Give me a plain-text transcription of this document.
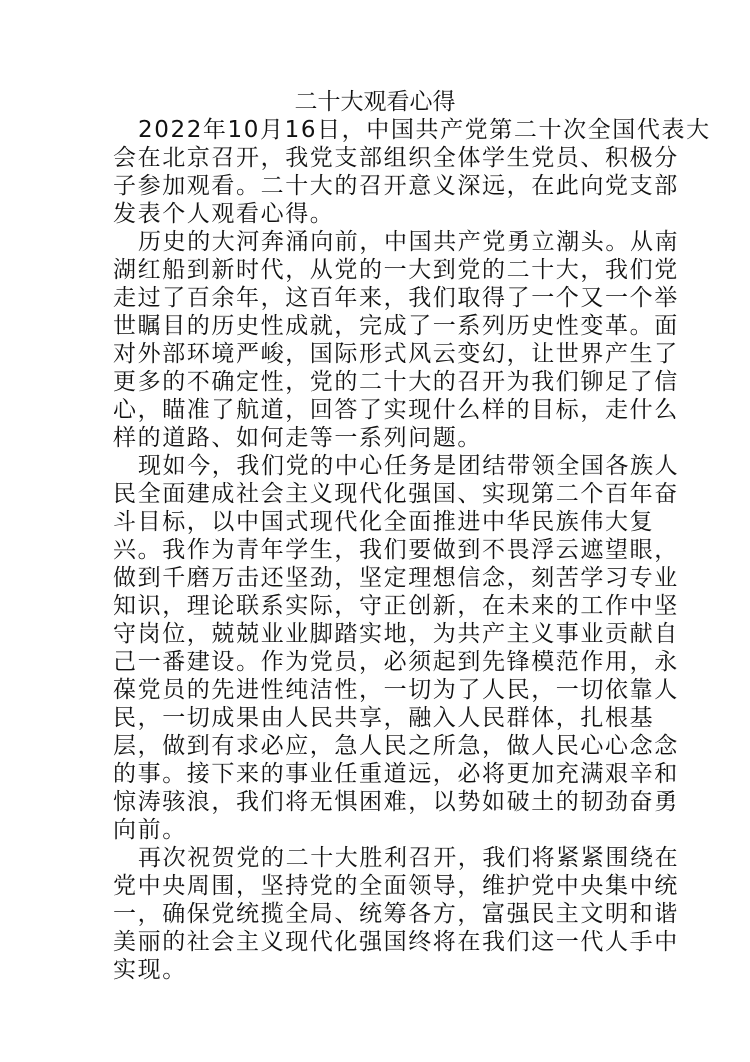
二十大观看心得
2022年10月16日，中国共产党第二十次全国代表大
会在北京召开，我党支部组织全体学生党员、积极分
子参加观看。二十大的召开意义深远，在此向党支部
发表个人观看心得。
历史的大河奔涌向前，中国共产党勇立潮头。从南
湖红船到新时代，从党的一大到党的二十大，我们党
走过了百余年，这百年来，我们取得了一个又一个举
世瞩目的历史性成就，完成了一系列历史性变革。面
对外部环境严峻，国际形式风云变幻，让世界产生了
更多的不确定性，党的二十大的召开为我们铆足了信
心，瞄准了航道，回答了实现什么样的目标，走什么
样的道路、如何走等一系列问题。
现如今，我们党的中心任务是团结带领全国各族人
民全面建成社会主义现代化强国、实现第二个百年奋
斗目标，以中国式现代化全面推进中华民族伟大复
兴。我作为青年学生，我们要做到不畏浮云遮望眼，
做到千磨万击还坚劲，坚定理想信念，刻苦学习专业
知识，理论联系实际，守正创新，在未来的工作中坚
守岗位，兢兢业业脚踏实地，为共产主义事业贡献自
己一番建设。作为党员，必须起到先锋模范作用，永
葆党员的先进性纯洁性，一切为了人民，一切依靠人
民，一切成果由人民共享，融入人民群体，扎根基
层，做到有求必应，急人民之所急，做人民心心念念
的事。接下来的事业任重道远，必将更加充满艰辛和
惊涛骇浪，我们将无惧困难，以势如破土的韧劲奋勇
向前。
再次祝贺党的二十大胜利召开，我们将紧紧围绕在
党中央周围，坚持党的全面领导，维护党中央集中统
一，确保党统揽全局、统筹各方，富强民主文明和谐
美丽的社会主义现代化强国终将在我们这一代人手中
实现。
